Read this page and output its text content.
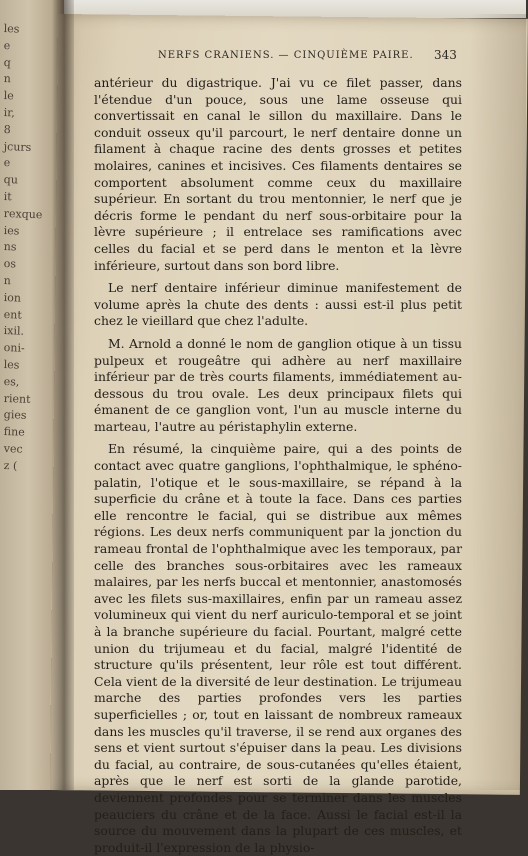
les
e
q
n
le
ir,
8
jcurs
e
qu
it
rexque
ies
ns
os
n
ion
ent
ixil.
oni-
les
es,
rient
gies
fine
vec
z (
NERFS CRANIENS. — CINQUIÈME PAIRE. 343

antérieur du digastrique. J'ai vu ce filet passer, dans l'étendue d'un pouce, sous une lame osseuse qui convertissait en canal le sillon du maxillaire. Dans le conduit osseux qu'il parcourt, le nerf dentaire donne un filament à chaque racine des dents grosses et petites molaires, canines et incisives. Ces filaments dentaires se comportent absolument comme ceux du maxillaire supérieur. En sortant du trou mentonnier, le nerf que je décris forme le pendant du nerf sous-orbitaire pour la lèvre supérieure ; il entrelace ses ramifications avec celles du facial et se perd dans le menton et la lèvre inférieure, surtout dans son bord libre.

Le nerf dentaire inférieur diminue manifestement de volume après la chute des dents : aussi est-il plus petit chez le vieillard que chez l'adulte.

M. Arnold a donné le nom de ganglion otique à un tissu pulpeux et rougeâtre qui adhère au nerf maxillaire inférieur par de très courts filaments, immédiatement au-dessous du trou ovale. Les deux principaux filets qui émanent de ce ganglion vont, l'un au muscle interne du marteau, l'autre au péristaphylin externe.

En résumé, la cinquième paire, qui a des points de contact avec quatre ganglions, l'ophthalmique, le sphéno-palatin, l'otique et le sous-maxillaire, se répand à la superficie du crâne et à toute la face. Dans ces parties elle rencontre le facial, qui se distribue aux mêmes régions. Les deux nerfs communiquent par la jonction du rameau frontal de l'ophthalmique avec les temporaux, par celle des branches sous-orbitaires avec les rameaux malaires, par les nerfs buccal et mentonnier, anastomosés avec les filets sus-maxillaires, enfin par un rameau assez volumineux qui vient du nerf auriculo-temporal et se joint à la branche supérieure du facial. Pourtant, malgré cette union du trijumeau et du facial, malgré l'identité de structure qu'ils présentent, leur rôle est tout différent. Cela vient de la diversité de leur destination. Le trijumeau marche des parties profondes vers les parties superficielles ; or, tout en laissant de nombreux rameaux dans les muscles qu'il traverse, il se rend aux organes des sens et vient surtout s'épuiser dans la peau. Les divisions du facial, au contraire, de sous-cutanées qu'elles étaient, après que le nerf est sorti de la glande parotide, deviennent profondes pour se terminer dans les muscles peauciers du crâne et de la face. Aussi le facial est-il la source du mouvement dans la plupart de ces muscles, et produit-il l'expression de la physio-
